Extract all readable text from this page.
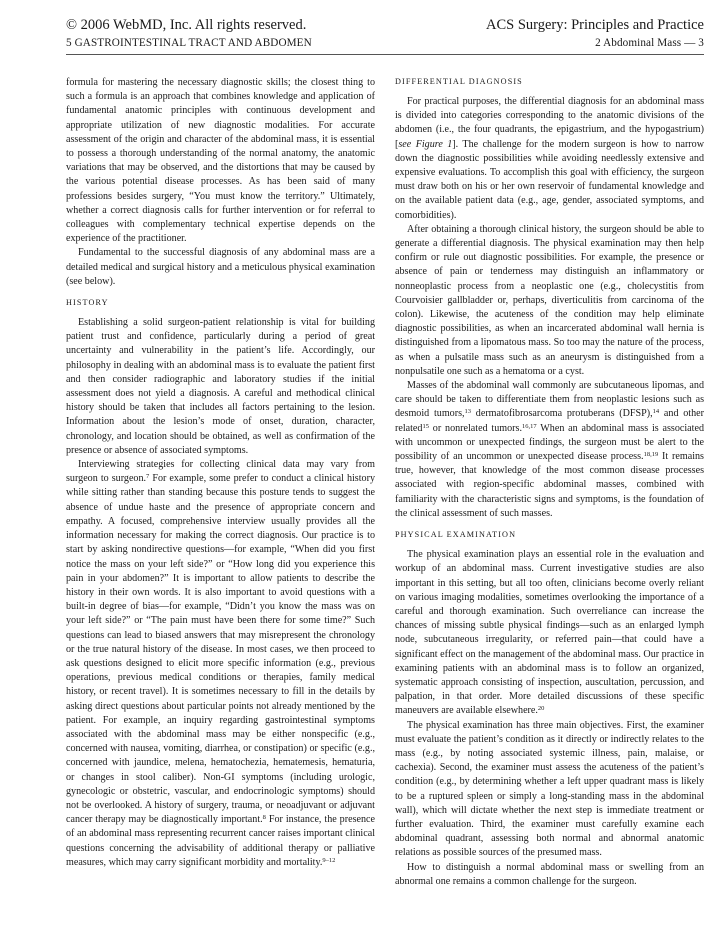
© 2006 WebMD, Inc. All rights reserved.
5 GASTROINTESTINAL TRACT AND ABDOMEN
ACS Surgery: Principles and Practice
2 Abdominal Mass — 3

formula for mastering the necessary diagnostic skills; the closest thing to such a formula is an approach that combines knowledge and application of fundamental anatomic principles with continuous development and appropriate utilization of new diagnostic modalities. For accurate assessment of the origin and character of the abdominal mass, it is essential to possess a thorough understanding of the normal anatomy, the anatomic variations that may be observed, and the distortions that may be caused by the various potential disease processes. As has been said of many professions besides surgery, “You must know the territory.” Ultimately, whether a correct diagnosis calls for further intervention or for referral to colleagues with complementary technical expertise depends on the experience of the practitioner.

Fundamental to the successful diagnosis of any abdominal mass are a detailed medical and surgical history and a meticulous physical examination (see below).

HISTORY

Establishing a solid surgeon-patient relationship is vital for building patient trust and confidence, particularly during a period of great uncertainty and vulnerability in the patient’s life. Accordingly, our philosophy in dealing with an abdominal mass is to evaluate the patient first and then consider radiographic and laboratory studies if the initial assessment does not yield a diagnosis. A careful and methodical clinical history should be taken that includes all factors pertaining to the lesion. Information about the lesion’s mode of onset, duration, character, chronology, and location should be obtained, as well as confirmation of the presence or absence of associated symptoms.

Interviewing strategies for collecting clinical data may vary from surgeon to surgeon.$^7$ For example, some prefer to conduct a clinical history while sitting rather than standing because this posture tends to suggest the absence of undue haste and the presence of appropriate concern and empathy. A focused, comprehensive interview usually provides all the information necessary for making the correct diagnosis. Our practice is to start by asking nondirective questions—for example, “When did you first notice the mass on your left side?” or “How long did you experience this pain in your abdomen?” It is important to allow patients to describe the history in their own words. It is also important to avoid questions with a built-in degree of bias—for example, “Didn’t you know the mass was on your left side?” or “The pain must have been there for some time?” Such questions can lead to biased answers that may misrepresent the chronology or the true natural history of the disease. In most cases, we then proceed to ask questions designed to elicit more specific information (e.g., previous operations, previous medical conditions or therapies, family medical history, or recent travel). It is sometimes necessary to fill in the details by asking direct questions about particular points not already mentioned by the patient. For example, an inquiry regarding gastrointestinal symptoms associated with the abdominal mass may be either nonspecific (e.g., concerned with nausea, vomiting, diarrhea, or constipation) or specific (e.g., concerned with jaundice, melena, hematochezia, hematemesis, hematuria, or changes in stool caliber). Non-GI symptoms (including urologic, gynecologic or obstetric, vascular, and endocrinologic symptoms) should not be overlooked. A history of surgery, trauma, or neoadjuvant or adjuvant cancer therapy may be diagnostically important.$^8$ For instance, the presence of an abdominal mass representing recurrent cancer raises important clinical questions concerning the advisability of additional therapy or palliative measures, which may carry significant morbidity and mortality.$^{9-12}$

DIFFERENTIAL DIAGNOSIS

For practical purposes, the differential diagnosis for an abdominal mass is divided into categories corresponding to the anatomic divisions of the abdomen (i.e., the four quadrants, the epigastrium, and the hypogastrium) [see Figure 1]. The challenge for the modern surgeon is how to narrow down the diagnostic possibilities while avoiding needlessly extensive and expensive evaluations. To accomplish this goal with efficiency, the surgeon must draw both on his or her own reservoir of fundamental knowledge and on the available patient data (e.g., age, gender, associated symptoms, and comorbidities).

After obtaining a thorough clinical history, the surgeon should be able to generate a differential diagnosis. The physical examination may then help confirm or rule out diagnostic possibilities. For example, the presence or absence of pain or tenderness may distinguish an inflammatory or nonneoplastic process from a neoplastic one (e.g., cholecystitis from Courvoisier gallbladder or, perhaps, diverticulitis from carcinoma of the colon). Likewise, the acuteness of the condition may help eliminate diagnostic possibilities, as when an incarcerated abdominal wall hernia is distinguished from a lipomatous mass. So too may the nature of the process, as when a pulsatile mass such as an aneurysm is distinguished from a nonpulsatile one such as a hematoma or a cyst.

Masses of the abdominal wall commonly are subcutaneous lipomas, and care should be taken to differentiate them from neoplastic lesions such as desmoid tumors,$^{13}$ dermatofibrosarcoma protuberans (DFSP),$^{14}$ and other related$^{15}$ or nonrelated tumors.$^{16,17}$ When an abdominal mass is associated with uncommon or unexpected findings, the surgeon must be alert to the possibility of an uncommon or unexpected disease process.$^{18,19}$ It remains true, however, that knowledge of the most common disease processes associated with region-specific abdominal masses, combined with familiarity with the characteristic signs and symptoms, is the foundation of the clinical assessment of such masses.

PHYSICAL EXAMINATION

The physical examination plays an essential role in the evaluation and workup of an abdominal mass. Current investigative studies are also important in this setting, but all too often, clinicians become overly reliant on various imaging modalities, sometimes overlooking the importance of a careful and thorough examination. Such overreliance can increase the chances of missing subtle physical findings—such as an enlarged lymph node, subcutaneous irregularity, or referred pain—that could have a significant effect on the management of the abdominal mass. Our practice in examining patients with an abdominal mass is to follow an organized, systematic approach consisting of inspection, auscultation, percussion, and palpation, in that order. More detailed discussions of these specific maneuvers are available elsewhere.$^{20}$

The physical examination has three main objectives. First, the examiner must evaluate the patient’s condition as it directly or indirectly relates to the mass (e.g., by noting associated systemic illness, pain, malaise, or cachexia). Second, the examiner must assess the acuteness of the patient’s condition (e.g., by determining whether a left upper quadrant mass is likely to be a ruptured spleen or simply a long-standing mass in the abdominal wall), which will dictate whether the next step is immediate treatment or further evaluation. Third, the examiner must carefully examine each abdominal quadrant, assessing both normal and abnormal anatomic relations as possible sources of the presumed mass.

How to distinguish a normal abdominal mass or swelling from an abnormal one remains a common challenge for the surgeon.
